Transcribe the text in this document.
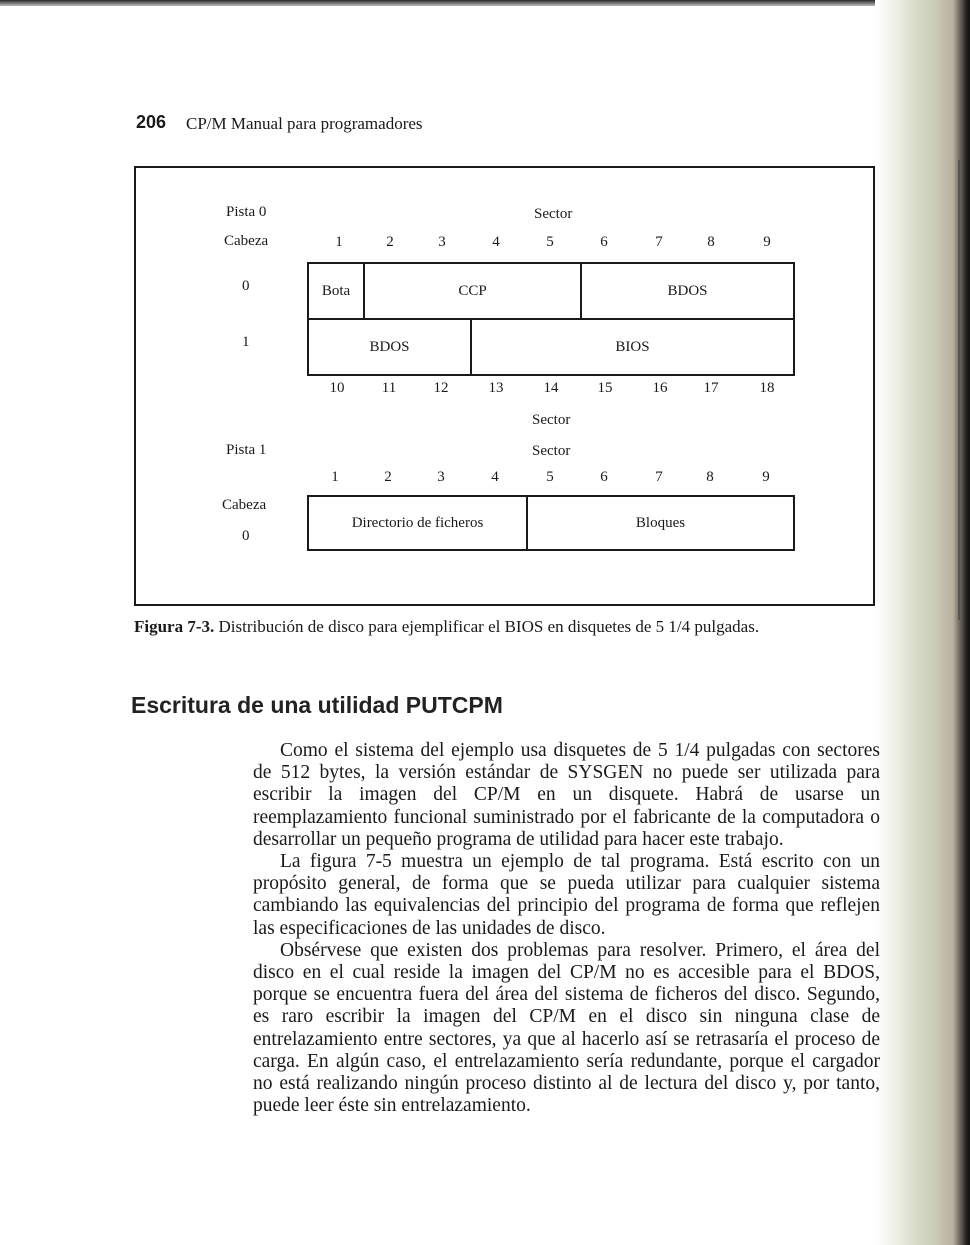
206 CP/M Manual para programadores
Pista 0	Sector
Cabeza	1	2	3	4	5	6	7	8	9
0	Bota	CCP	BDOS
1	BDOS	BIOS
10	11	12	13	14	15	16	17	18
Sector
Pista 1	Sector
1	2	3	4	5	6	7	8	9
Cabeza
0
Directorio de ficheros	Bloques
Figura 7-3. Distribución de disco para ejemplificar el BIOS en disquetes de 5 1/4 pulgadas.
Escritura de una utilidad PUTCPM

Como el sistema del ejemplo usa disquetes de 5 1/4 pulgadas con sectores de 512 bytes, la versión estándar de SYSGEN no puede ser utilizada para escribir la imagen del CP/M en un disquete. Habrá de usarse un reemplazamiento funcional suministrado por el fabricante de la computadora o desarrollar un pequeño programa de utilidad para hacer este trabajo.

La figura 7-5 muestra un ejemplo de tal programa. Está escrito con un propósito general, de forma que se pueda utilizar para cualquier sistema cambiando las equivalencias del principio del programa de forma que reflejen las especificaciones de las unidades de disco.

Obsérvese que existen dos problemas para resolver. Primero, el área del disco en el cual reside la imagen del CP/M no es accesible para el BDOS, porque se encuentra fuera del área del sistema de ficheros del disco. Segundo, es raro escribir la imagen del CP/M en el disco sin ninguna clase de entrelazamiento entre sectores, ya que al hacerlo así se retrasaría el proceso de carga. En algún caso, el entrelazamiento sería redundante, porque el cargador no está realizando ningún proceso distinto al de lectura del disco y, por tanto, puede leer éste sin entrelazamiento.
